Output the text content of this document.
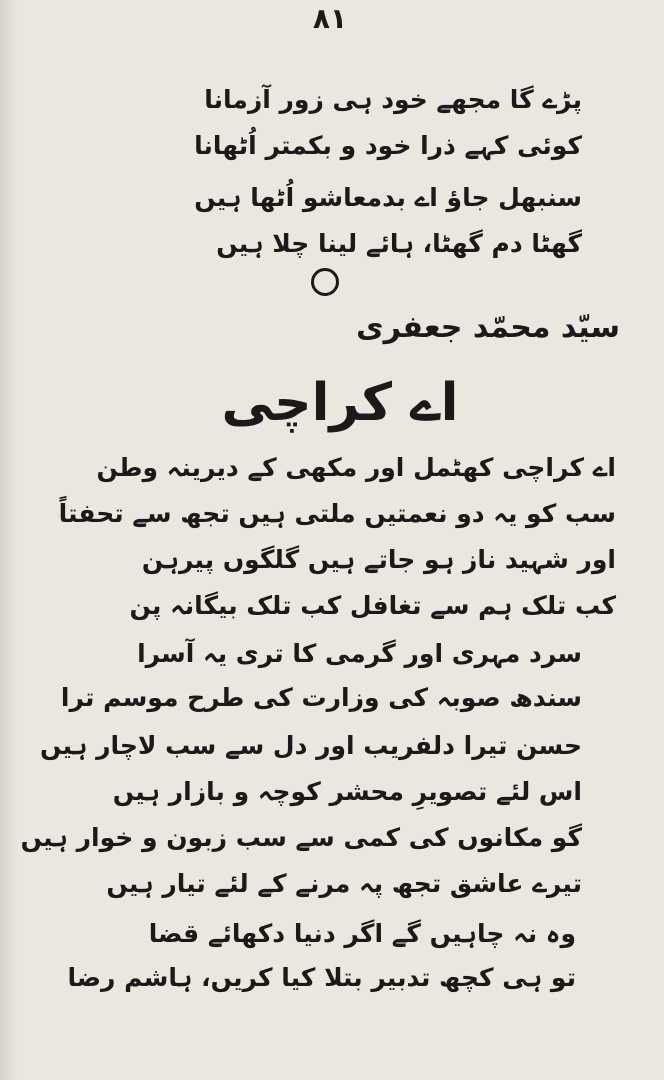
۸۱
پڑے گا مجھے خود ہی زور آزمانا
کوئی کہے ذرا خود و بکمتر اُٹھانا
سنبھل جاؤ اے بدمعاشو اُٹھا ہیں
گھٹا دم گھٹا، ہائے لینا چلا ہیں
سیّد محمّد جعفری
اے کراچی
اے کراچی کھٹمل اور مکھی کے دیرینہ وطن
سب کو یہ دو نعمتیں ملتی ہیں تجھ سے تحفتاً
اور شہید ناز ہو جاتے ہیں گلگوں پیرہن
کب تلک ہم سے تغافل کب تلک بیگانہ پن
سرد مہری اور گرمی کا تری یہ آسرا
سندھ صوبہ کی وزارت کی طرح موسم ترا
حسن تیرا دلفریب اور دل سے سب لاچار ہیں
اس لئے تصویرِ محشر کوچہ و بازار ہیں
گو مکانوں کی کمی سے سب زبون و خوار ہیں
تیرے عاشق تجھ پہ مرنے کے لئے تیار ہیں
وہ نہ چاہیں گے اگر دنیا دکھائے قضا
تو ہی کچھ تدبیر بتلا کیا کریں، ہاشم رضا
